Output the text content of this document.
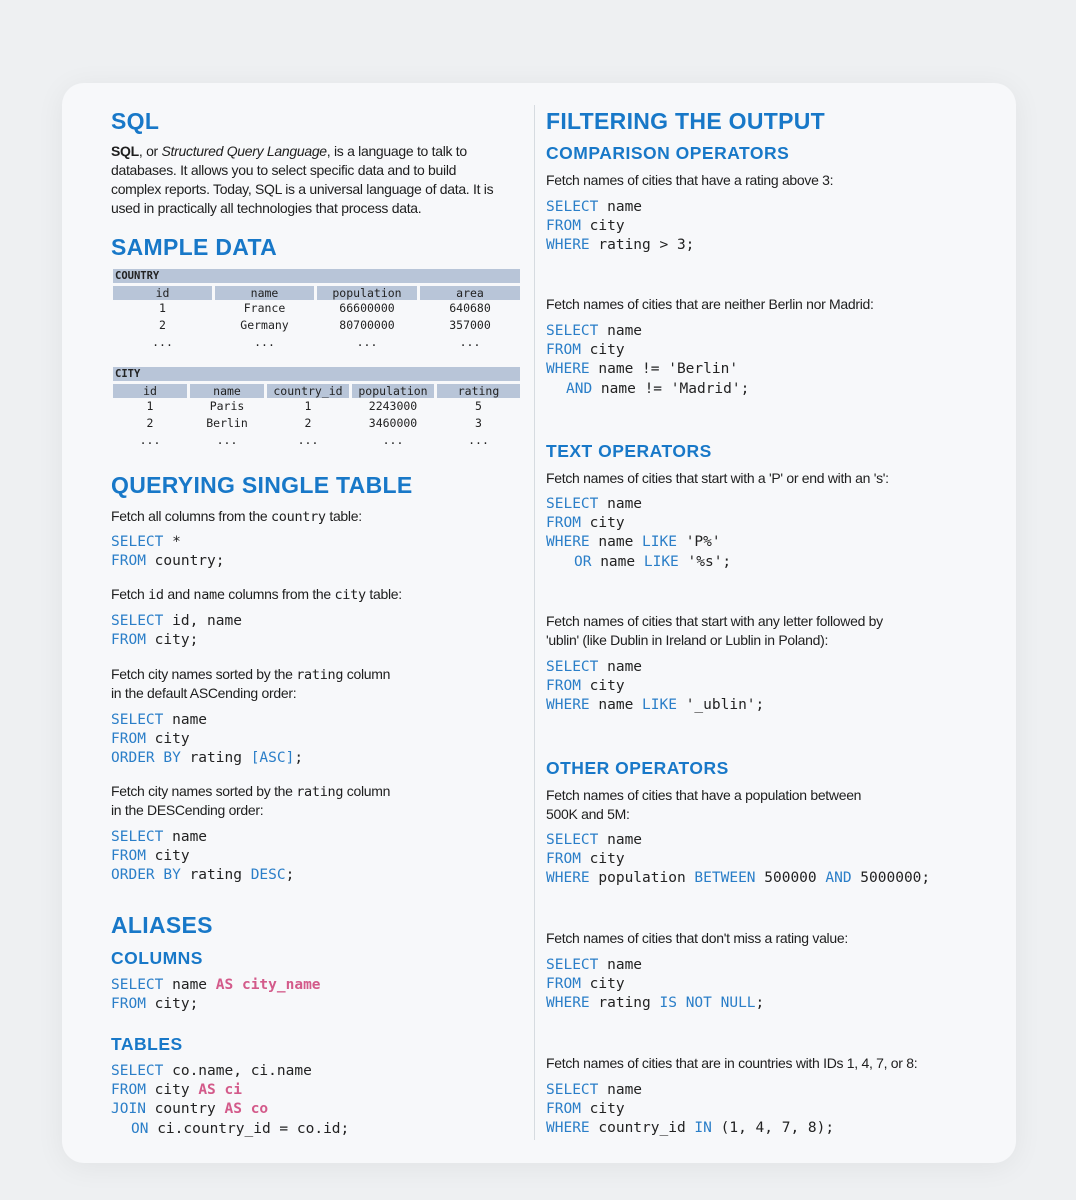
SQL
SQL, or Structured Query Language, is a language to talk to
databases. It allows you to select specific data and to build
complex reports. Today, SQL is a universal language of data. It is
used in practically all technologies that process data.
SAMPLE DATA
COUNTRY
id	name	population	area
1	France	66600000	640680
2	Germany	80700000	357000
...	...	...	...
CITY
id	name	country_id	population	rating
1	Paris	1	2243000	5
2	Berlin	2	3460000	3
...	...	...	...	...
QUERYING SINGLE TABLE
Fetch all columns from the country table:
SELECT *
FROM country;
Fetch id and name columns from the city table:
SELECT id, name
FROM city;
Fetch city names sorted by the rating column
in the default ASCending order:
SELECT name
FROM city
ORDER BY rating [ASC];
Fetch city names sorted by the rating column
in the DESCending order:
SELECT name
FROM city
ORDER BY rating DESC;
ALIASES
COLUMNS
SELECT name AS city_name
FROM city;
TABLES
SELECT co.name, ci.name
FROM city AS ci
JOIN country AS co
ON ci.country_id = co.id;
FILTERING THE OUTPUT
COMPARISON OPERATORS
Fetch names of cities that have a rating above 3:
SELECT name
FROM city
WHERE rating > 3;
Fetch names of cities that are neither Berlin nor Madrid:
SELECT name
FROM city
WHERE name != 'Berlin'
AND name != 'Madrid';
TEXT OPERATORS
Fetch names of cities that start with a 'P' or end with an 's':
SELECT name
FROM city
WHERE name LIKE 'P%'
OR name LIKE '%s';
Fetch names of cities that start with any letter followed by
'ublin' (like Dublin in Ireland or Lublin in Poland):
SELECT name
FROM city
WHERE name LIKE '_ublin';
OTHER OPERATORS
Fetch names of cities that have a population between
500K and 5M:
SELECT name
FROM city
WHERE population BETWEEN 500000 AND 5000000;
Fetch names of cities that don't miss a rating value:
SELECT name
FROM city
WHERE rating IS NOT NULL;
Fetch names of cities that are in countries with IDs 1, 4, 7, or 8:
SELECT name
FROM city
WHERE country_id IN (1, 4, 7, 8);
